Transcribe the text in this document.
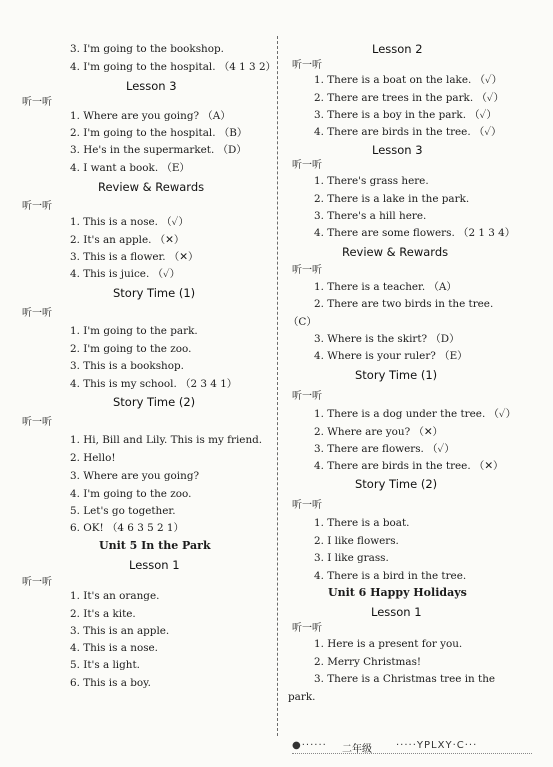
3. I'm going to the bookshop.
4. I'm going to the hospital. （4 1 3 2）
Lesson 3
听一听
1. Where are you going? （A）
2. I'm going to the hospital. （B）
3. He's in the supermarket. （D）
4. I want a book. （E）
Review & Rewards
听一听
1. This is a nose. （✓）
2. It's an apple. （✕）
3. This is a flower. （✕）
4. This is juice. （✓）
Story Time (1)
听一听
1. I'm going to the park.
2. I'm going to the zoo.
3. This is a bookshop.
4. This is my school. （2 3 4 1）
Story Time (2)
听一听
1. Hi, Bill and Lily. This is my friend.
2. Hello!
3. Where are you going?
4. I'm going to the zoo.
5. Let's go together.
6. OK! （4 6 3 5 2 1）
Unit 5 In the Park
Lesson 1
听一听
1. It's an orange.
2. It's a kite.
3. This is an apple.
4. This is a nose.
5. It's a light.
6. This is a boy.
Lesson 2
听一听
1. There is a boat on the lake. （✓）
2. There are trees in the park. （✓）
3. There is a boy in the park. （✓）
4. There are birds in the tree. （✓）
Lesson 3
听一听
1. There's grass here.
2. There is a lake in the park.
3. There's a hill here.
4. There are some flowers. （2 1 3 4）
Review & Rewards
听一听
1. There is a teacher. （A）
2. There are two birds in the tree.
（C）
3. Where is the skirt? （D）
4. Where is your ruler? （E）
Story Time (1)
听一听
1. There is a dog under the tree. （✓）
2. Where are you? （✕）
3. There are flowers. （✓）
4. There are birds in the tree. （✕）
Story Time (2)
听一听
1. There is a boat.
2. I like flowers.
3. I like grass.
4. There is a bird in the tree.
Unit 6 Happy Holidays
Lesson 1
听一听
1. Here is a present for you.
2. Merry Christmas!
3. There is a Christmas tree in the
park.
●······ 二年级 ·····YPLXY·C···
